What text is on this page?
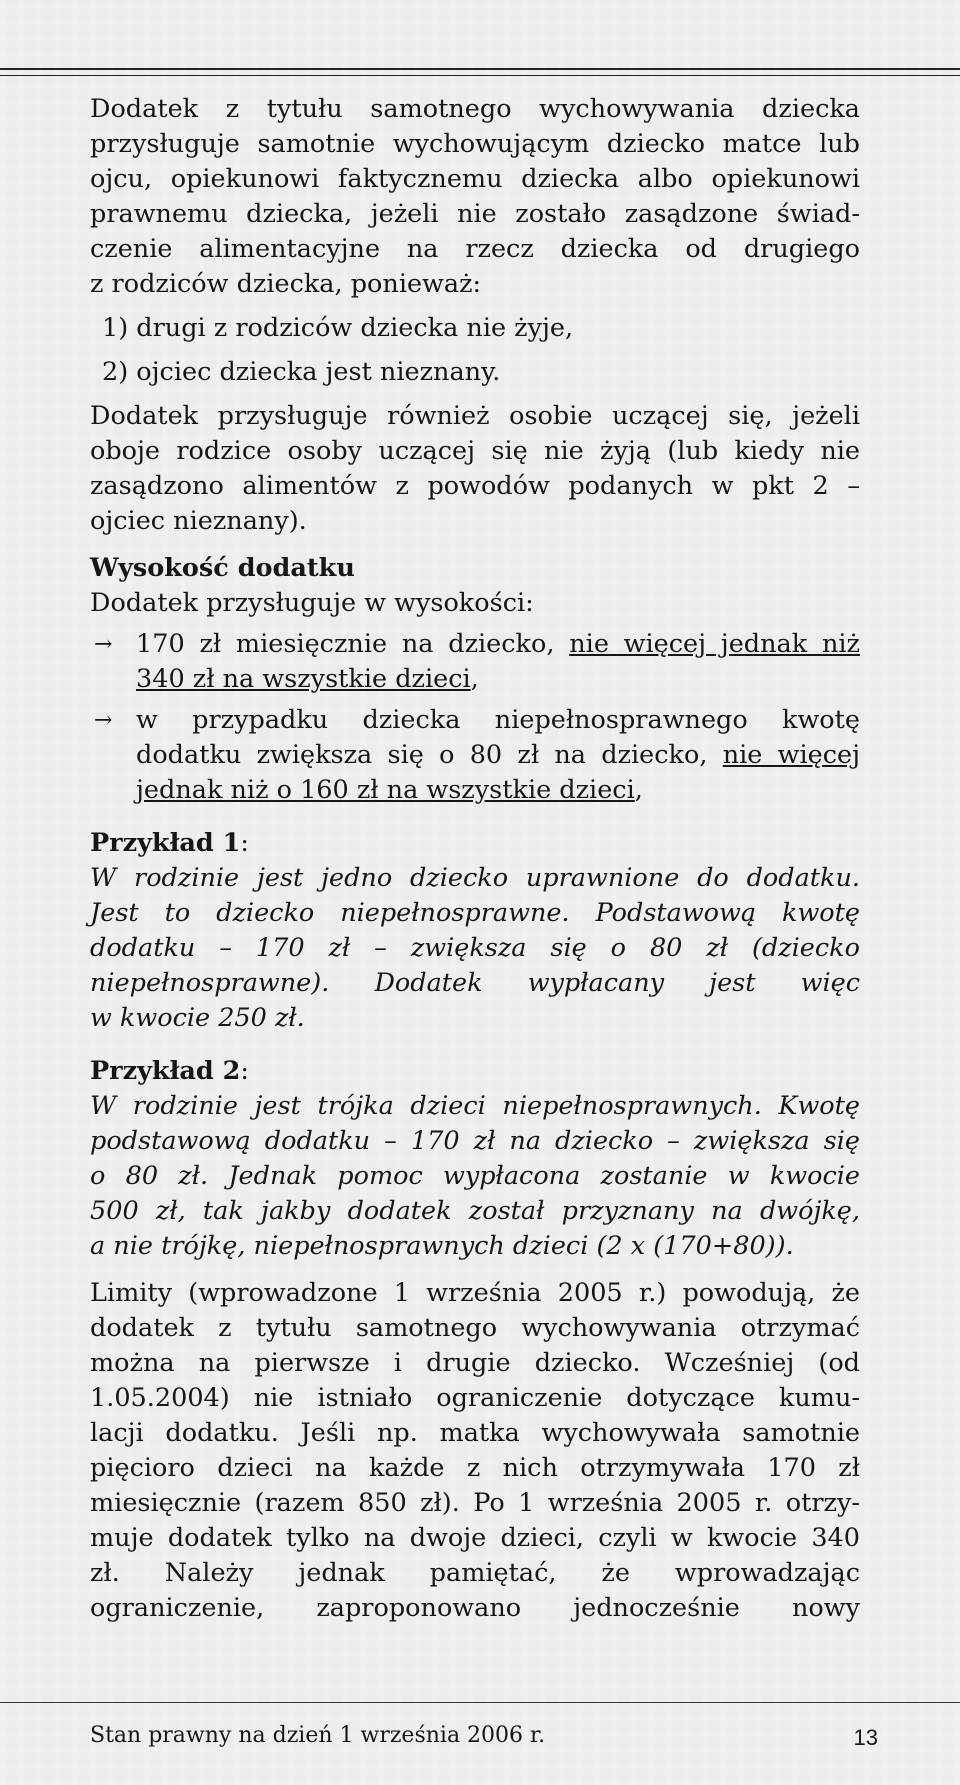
Dodatek z tytułu samotnego wychowywania dziecka

przysługuje samotnie wychowującym dziecko matce lub

ojcu, opiekunowi faktycznemu dziecka albo opiekunowi

prawnemu dziecka, jeżeli nie zostało zasądzone świad-

czenie alimentacyjne na rzecz dziecka od drugiego

z rodziców dziecka, ponieważ:

1) drugi z rodziców dziecka nie żyje,

2) ojciec dziecka jest nieznany.

Dodatek przysługuje również osobie uczącej się, jeżeli

oboje rodzice osoby uczącej się nie żyją (lub kiedy nie

zasądzono alimentów z powodów podanych w pkt 2 –

ojciec nieznany).

Wysokość dodatku

Dodatek przysługuje w wysokości:

→ 170 zł miesięcznie na dziecko, nie więcej jednak niż

340 zł na wszystkie dzieci,

→ w przypadku dziecka niepełnosprawnego kwotę

dodatku zwiększa się o 80 zł na dziecko, nie więcej

jednak niż o 160 zł na wszystkie dzieci,

Przykład 1:

W rodzinie jest jedno dziecko uprawnione do dodatku.

Jest to dziecko niepełnosprawne. Podstawową kwotę

dodatku – 170 zł – zwiększa się o 80 zł (dziecko

niepełnosprawne). Dodatek wypłacany jest więc

w kwocie 250 zł.

Przykład 2:

W rodzinie jest trójka dzieci niepełnosprawnych. Kwotę

podstawową dodatku – 170 zł na dziecko – zwiększa się

o 80 zł. Jednak pomoc wypłacona zostanie w kwocie

500 zł, tak jakby dodatek został przyznany na dwójkę,

a nie trójkę, niepełnosprawnych dzieci (2 x (170+80)).

Limity (wprowadzone 1 września 2005 r.) powodują, że

dodatek z tytułu samotnego wychowywania otrzymać

można na pierwsze i drugie dziecko. Wcześniej (od

1.05.2004) nie istniało ograniczenie dotyczące kumu-

lacji dodatku. Jeśli np. matka wychowywała samotnie

pięcioro dzieci na każde z nich otrzymywała 170 zł

miesięcznie (razem 850 zł). Po 1 września 2005 r. otrzy-

muje dodatek tylko na dwoje dzieci, czyli w kwocie 340

zł. Należy jednak pamiętać, że wprowadzając

ograniczenie, zaproponowano jednocześnie nowy

Stan prawny na dzień 1 września 2006 r.	13
